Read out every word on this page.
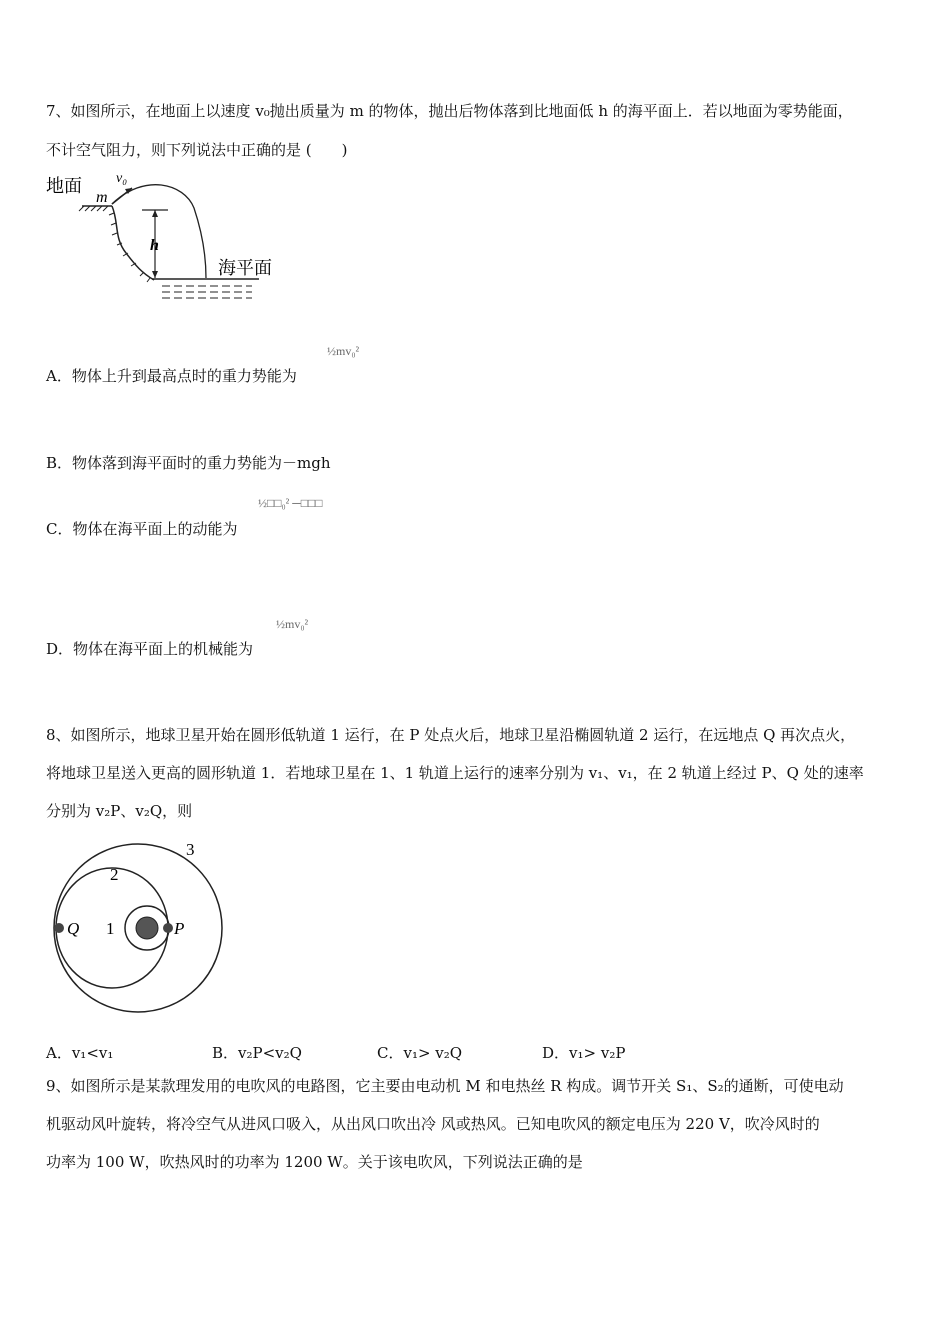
7、如图所示，在地面上以速度 v₀抛出质量为 m 的物体，抛出后物体落到比地面低 h 的海平面上．若以地面为零势能面，
不计空气阻力，则下列说法中正确的是 (　　)
地面
m
v₀
h
海平面
A．物体上升到最高点时的重力势能为
½mv₀²
B．物体落到海平面时的重力势能为－mgh
C．物体在海平面上的动能为
½□□₀² ─□□□
D．物体在海平面上的机械能为
½mv₀²
8、如图所示，地球卫星开始在圆形低轨道 1 运行，在 P 处点火后，地球卫星沿椭圆轨道 2 运行，在远地点 Q 再次点火，
将地球卫星送入更高的圆形轨道 1．若地球卫星在 1、1 轨道上运行的速率分别为 v₁、v₁，在 2 轨道上经过 P、Q 处的速率
分别为 v₂P、v₂Q，则
3
2
1
Q	P
A．v₁<v₁	B．v₂P<v₂Q	C．v₁> v₂Q	D．v₁> v₂P
9、如图所示是某款理发用的电吹风的电路图，它主要由电动机 M 和电热丝 R 构成。调节开关 S₁、S₂的通断，可使电动
机驱动风叶旋转，将冷空气从进风口吸入，从出风口吹出冷 风或热风。已知电吹风的额定电压为 220 V，吹冷风时的
功率为 100 W，吹热风时的功率为 1200 W。关于该电吹风，下列说法正确的是
